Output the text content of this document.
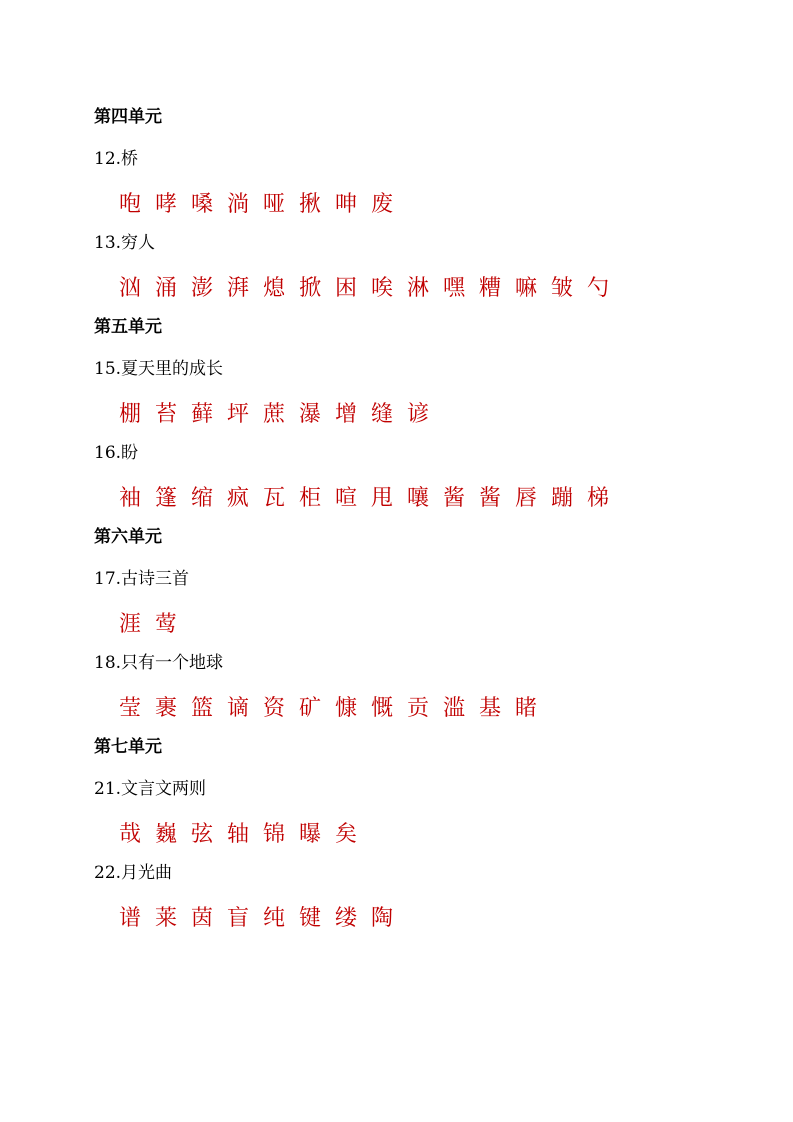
第四单元
12.桥
咆 哮 嗓 淌 哑 揪 呻 废
13.穷人
汹 涌 澎 湃 熄 掀 困 唉 淋 嘿 糟 嘛 皱 勺
第五单元
15.夏天里的成长
棚 苔 藓 坪 蔗 瀑 增 缝 谚
16.盼
袖 篷 缩 疯 瓦 柜 喧 甩 嚷 酱 酱 唇 蹦 梯
第六单元
17.古诗三首
涯 莺
18.只有一个地球
莹 裹 篮 谪 资 矿 慷 慨 贡 滥 基 睹
第七单元
21.文言文两则
哉 巍 弦 轴 锦 曝 矣
22.月光曲
谱 莱 茵 盲 纯 键 缕 陶
